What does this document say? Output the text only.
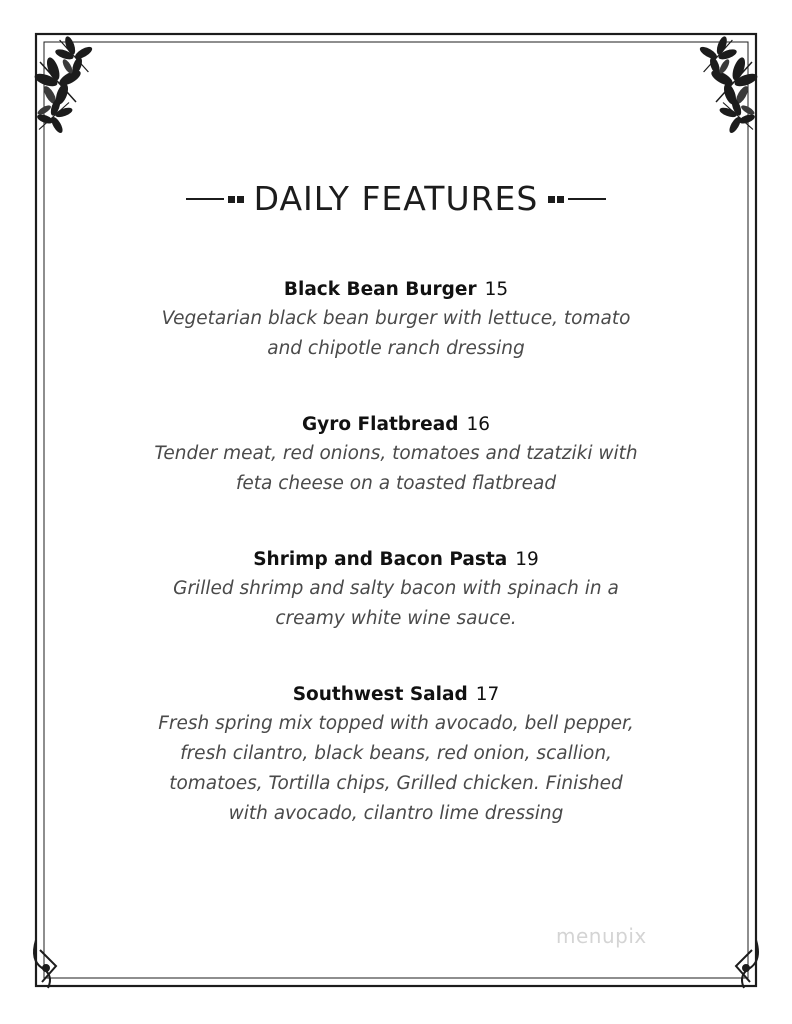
DAILY FEATURES
Black Bean Burger 15
Vegetarian black bean burger with lettuce, tomato
and chipotle ranch dressing
Gyro Flatbread 16
Tender meat, red onions, tomatoes and tzatziki with
feta cheese on a toasted flatbread
Shrimp and Bacon Pasta 19
Grilled shrimp and salty bacon with spinach in a
creamy white wine sauce.
Southwest Salad 17
Fresh spring mix topped with avocado, bell pepper,
fresh cilantro, black beans, red onion, scallion,
tomatoes, Tortilla chips, Grilled chicken. Finished
with avocado, cilantro lime dressing
menupix
